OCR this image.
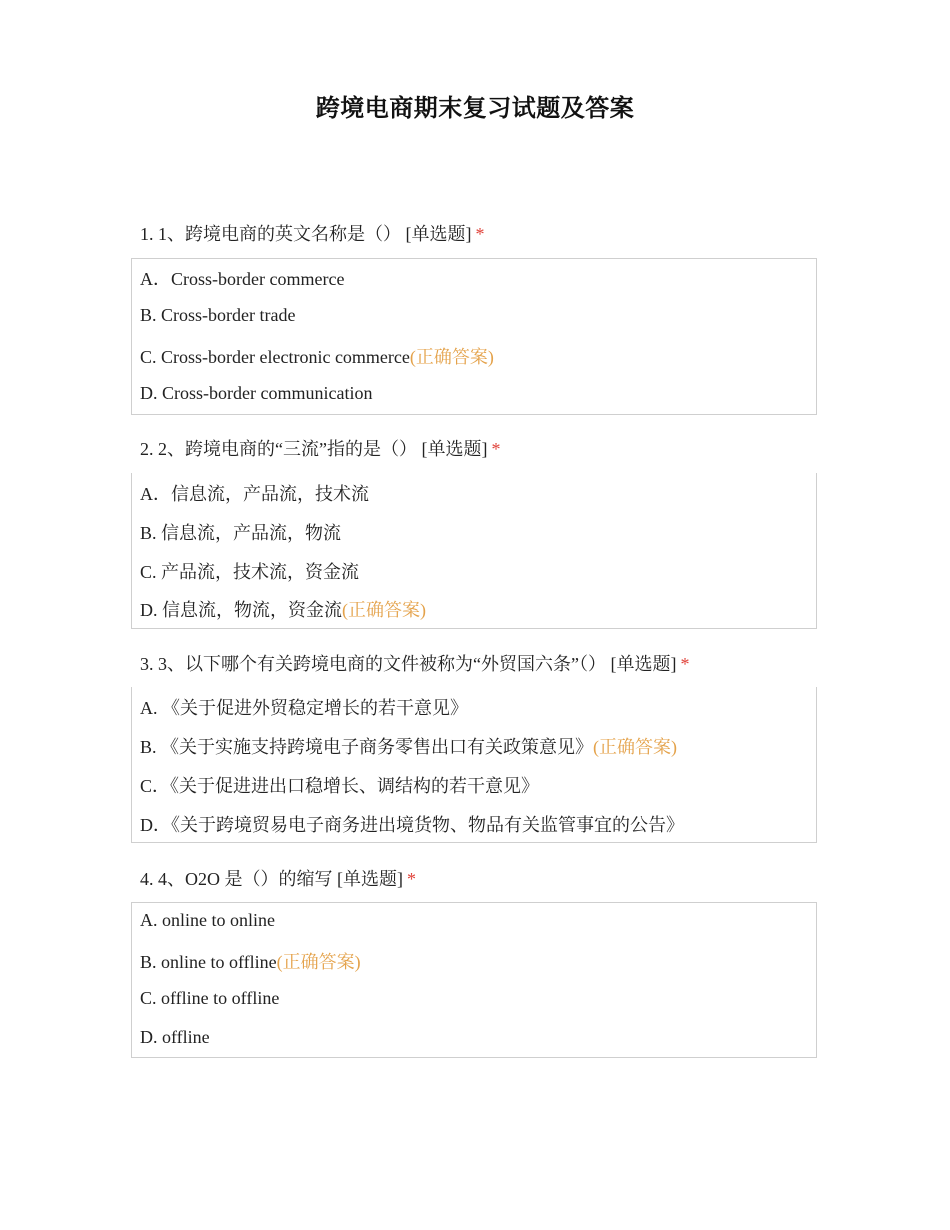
跨境电商期末复习试题及答案
1. 1、跨境电商的英文名称是（） [单选题] *
A．Cross-border commerce
B. Cross-border trade
C. Cross-border electronic commerce(正确答案)
D. Cross-border communication
2. 2、跨境电商的“三流”指的是（） [单选题] *
A．信息流，产品流，技术流
B. 信息流，产品流，物流
C. 产品流，技术流，资金流
D. 信息流，物流，资金流(正确答案)
3. 3、以下哪个有关跨境电商的文件被称为“外贸国六条”（） [单选题] *
A. 《关于促进外贸稳定增长的若干意见》
B. 《关于实施支持跨境电子商务零售出口有关政策意见》(正确答案)
C．《关于促进进出口稳增长、调结构的若干意见》
D．《关于跨境贸易电子商务进出境货物、物品有关监管事宜的公告》
4. 4、O2O 是（）的缩写 [单选题] *
A. online to online
B. online to offline(正确答案)
C. offline to offline
D. offline
